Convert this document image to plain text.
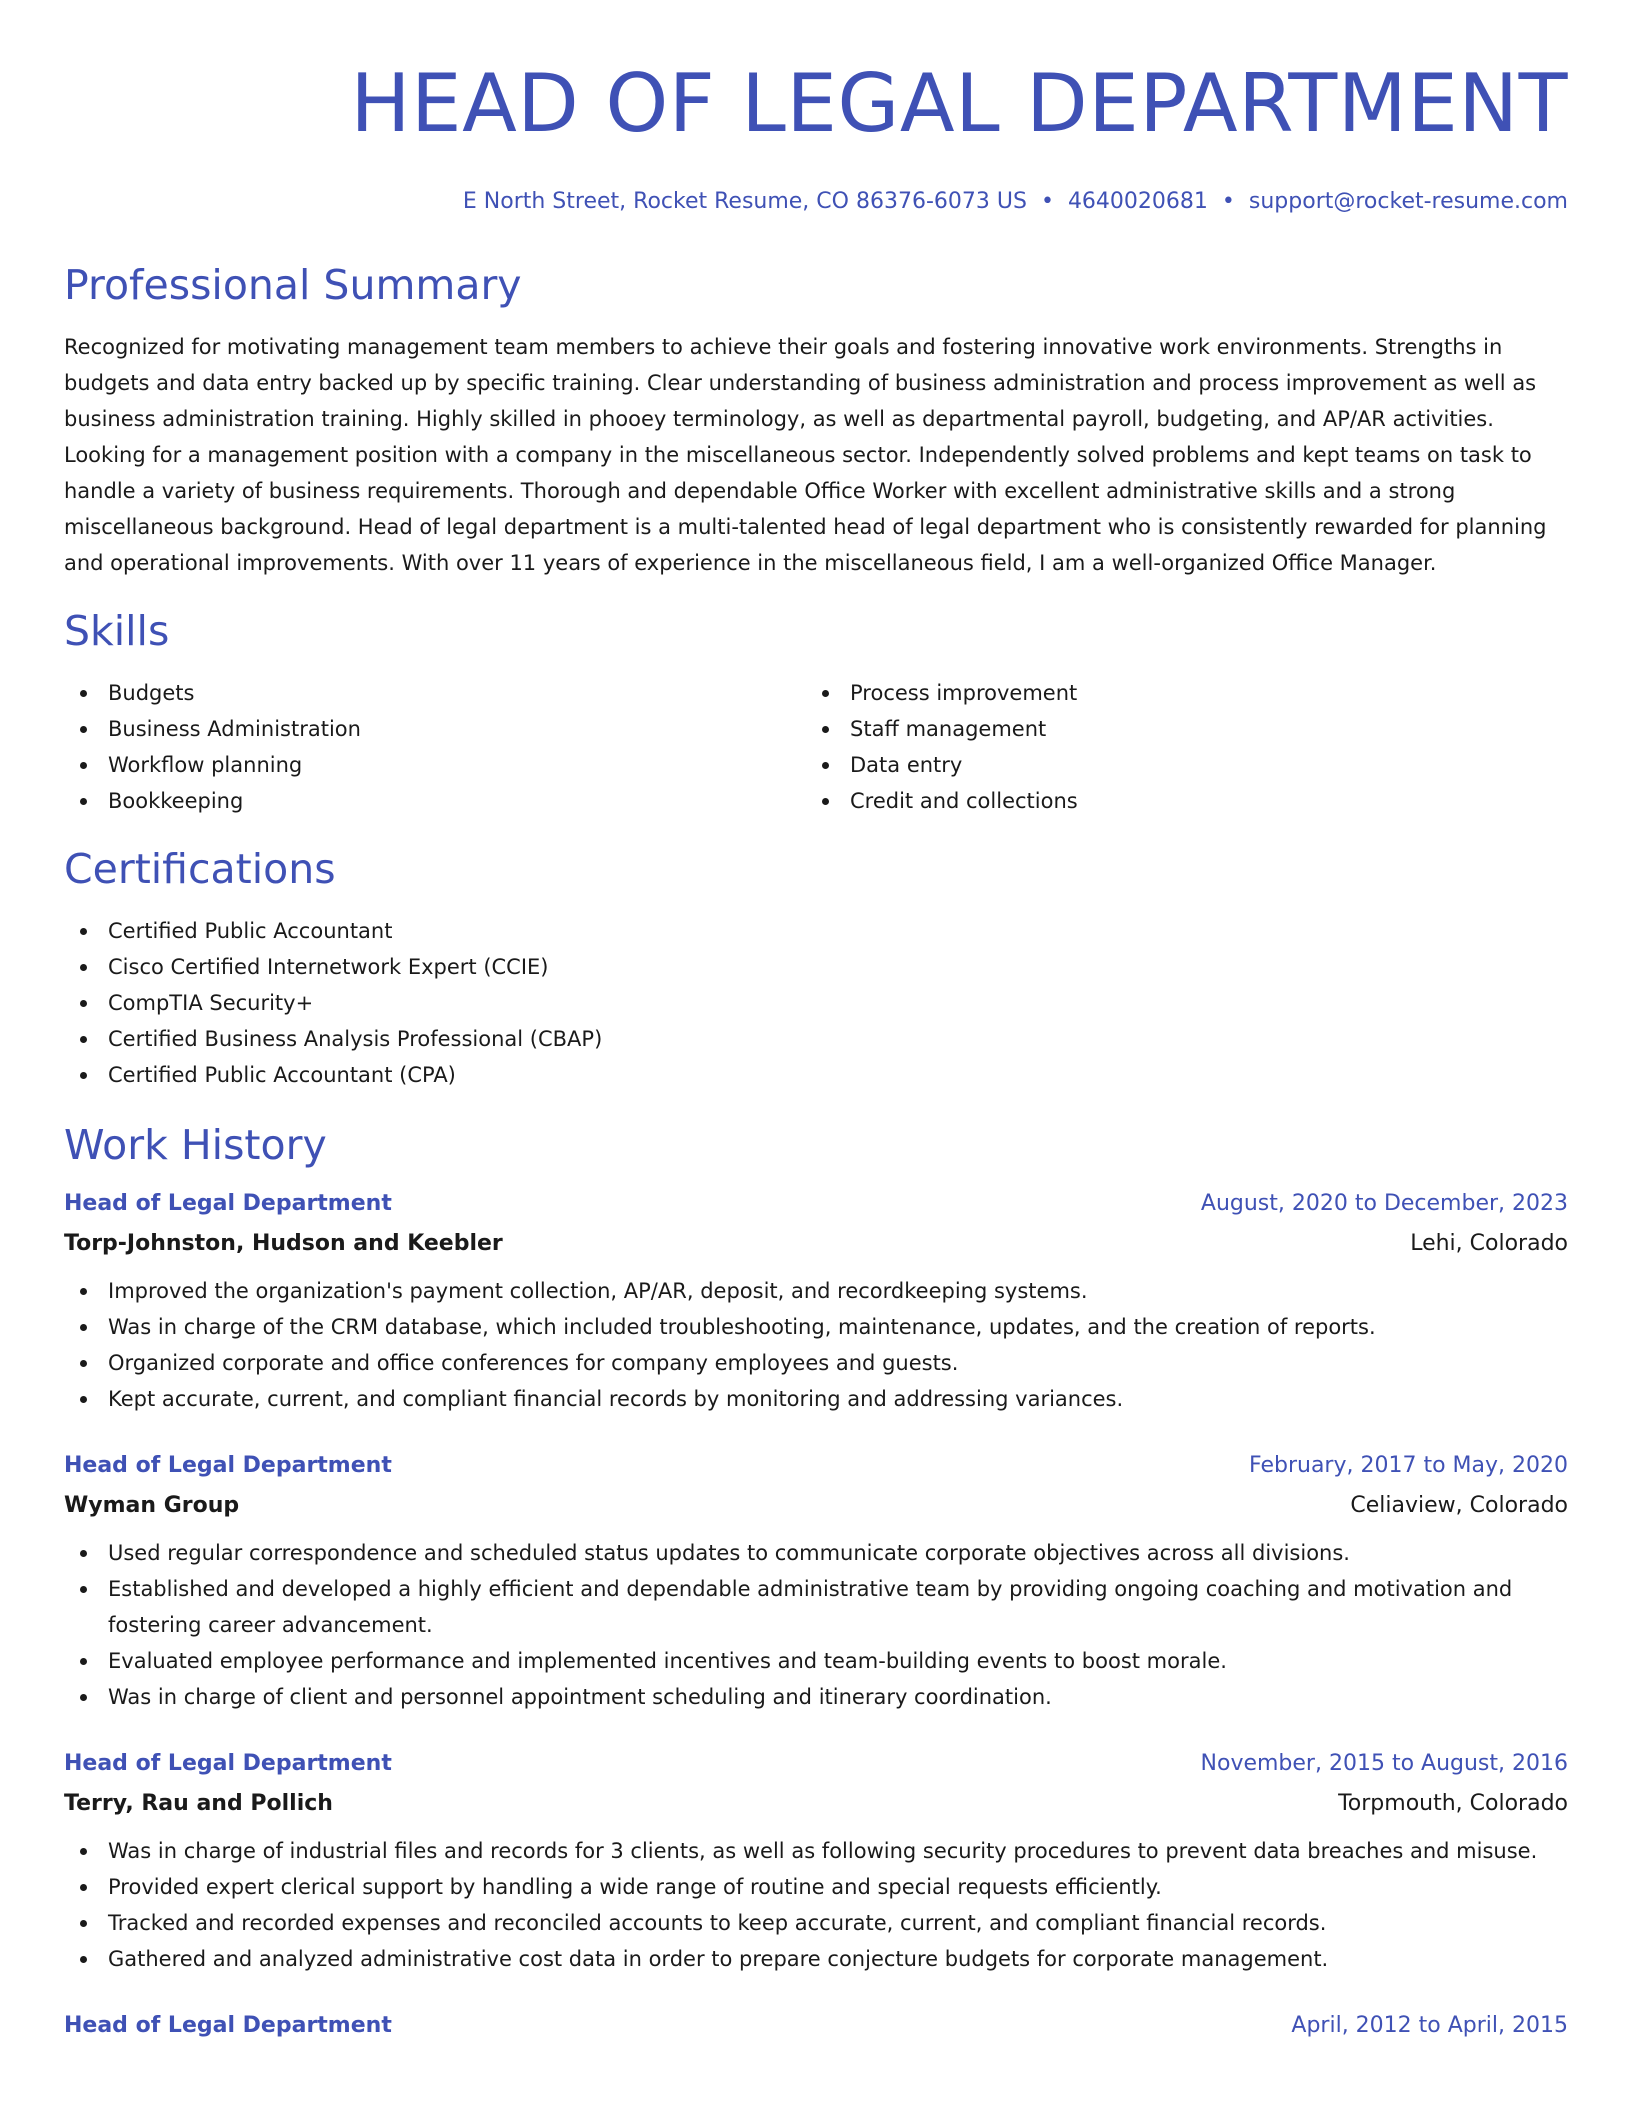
HEAD OF LEGAL DEPARTMENT
E North Street, Rocket Resume, CO 86376-6073 US • 4640020681 • support@rocket-resume.com
Professional Summary

Recognized for motivating management team members to achieve their goals and fostering innovative work environments. Strengths in budgets and data entry backed up by specific training. Clear understanding of business administration and process improvement as well as business administration training. Highly skilled in phooey terminology, as well as departmental payroll, budgeting, and AP/AR activities. Looking for a management position with a company in the miscellaneous sector. Independently solved problems and kept teams on task to handle a variety of business requirements. Thorough and dependable Office Worker with excellent administrative skills and a strong miscellaneous background. Head of legal department is a multi-talented head of legal department who is consistently rewarded for planning and operational improvements. With over 11 years of experience in the miscellaneous field, I am a well-organized Office Manager.

Skills
Budgets
Business Administration
Workflow planning
Bookkeeping
Process improvement
Staff management
Data entry
Credit and collections
Certifications
Certified Public Accountant
Cisco Certified Internetwork Expert (CCIE)
CompTIA Security+
Certified Business Analysis Professional (CBAP)
Certified Public Accountant (CPA)
Work History
Head of Legal Department	August, 2020 to December, 2023
Torp-Johnston, Hudson and Keebler	Lehi, Colorado
Improved the organization's payment collection, AP/AR, deposit, and recordkeeping systems.
Was in charge of the CRM database, which included troubleshooting, maintenance, updates, and the creation of reports.
Organized corporate and office conferences for company employees and guests.
Kept accurate, current, and compliant financial records by monitoring and addressing variances.
Head of Legal Department	February, 2017 to May, 2020
Wyman Group	Celiaview, Colorado
Used regular correspondence and scheduled status updates to communicate corporate objectives across all divisions.
Established and developed a highly efficient and dependable administrative team by providing ongoing coaching and motivation and fostering career advancement.
Evaluated employee performance and implemented incentives and team-building events to boost morale.
Was in charge of client and personnel appointment scheduling and itinerary coordination.
Head of Legal Department	November, 2015 to August, 2016
Terry, Rau and Pollich	Torpmouth, Colorado
Was in charge of industrial files and records for 3 clients, as well as following security procedures to prevent data breaches and misuse.
Provided expert clerical support by handling a wide range of routine and special requests efficiently.
Tracked and recorded expenses and reconciled accounts to keep accurate, current, and compliant financial records.
Gathered and analyzed administrative cost data in order to prepare conjecture budgets for corporate management.
Head of Legal Department	April, 2012 to April, 2015
